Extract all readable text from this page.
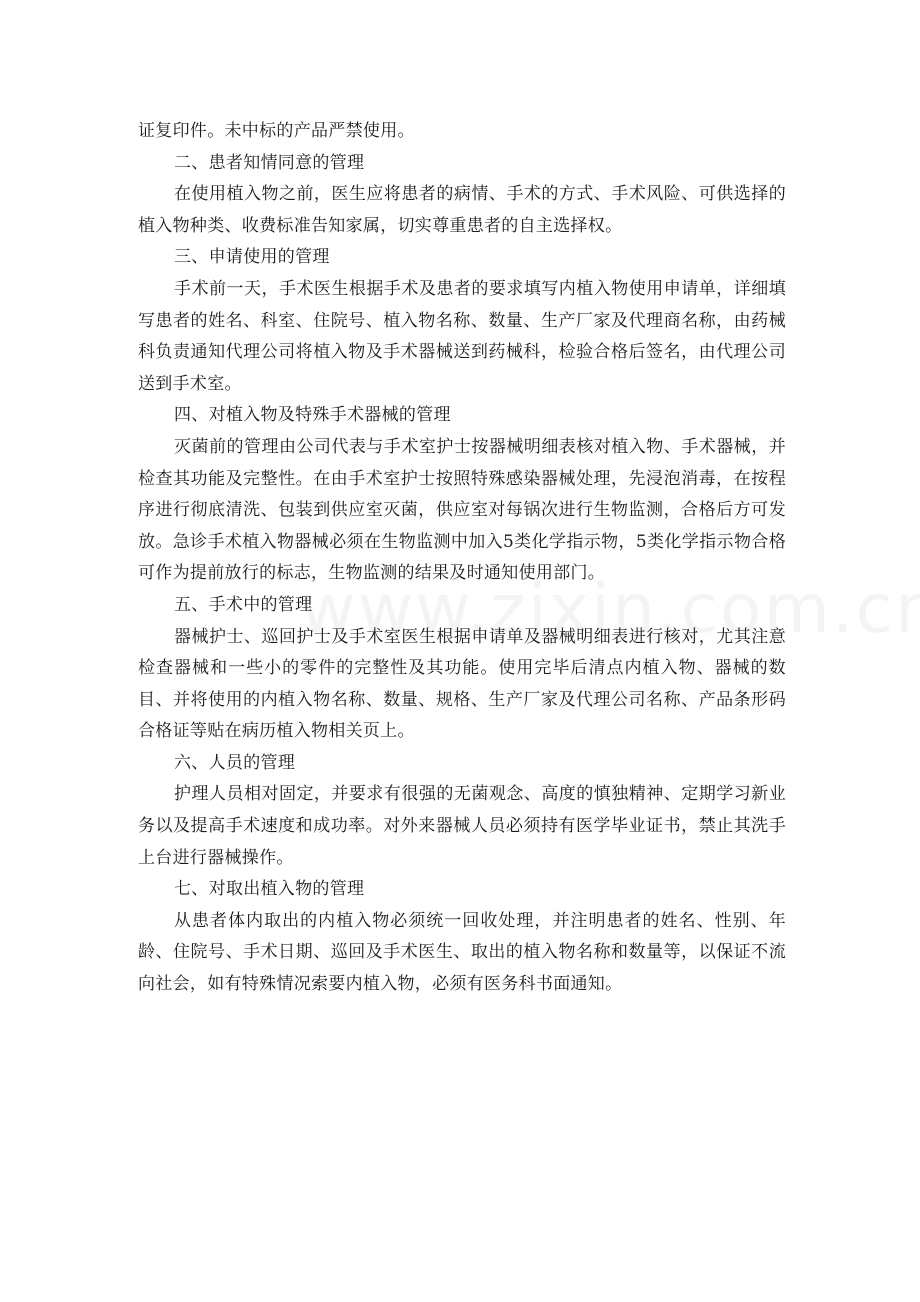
证复印件。未中标的产品严禁使用。

二、患者知情同意的管理

在使用植入物之前，医生应将患者的病情、手术的方式、手术风险、可供选择的植入物种类、收费标准告知家属，切实尊重患者的自主选择权。

三、申请使用的管理

手术前一天，手术医生根据手术及患者的要求填写内植入物使用申请单，详细填写患者的姓名、科室、住院号、植入物名称、数量、生产厂家及代理商名称，由药械科负责通知代理公司将植入物及手术器械送到药械科，检验合格后签名，由代理公司送到手术室。

四、对植入物及特殊手术器械的管理

灭菌前的管理由公司代表与手术室护士按器械明细表核对植入物、手术器械，并检查其功能及完整性。在由手术室护士按照特殊感染器械处理，先浸泡消毒，在按程序进行彻底清洗、包装到供应室灭菌，供应室对每锅次进行生物监测，合格后方可发放。急诊手术植入物器械必须在生物监测中加入5类化学指示物，5类化学指示物合格可作为提前放行的标志，生物监测的结果及时通知使用部门。

五、手术中的管理

器械护士、巡回护士及手术室医生根据申请单及器械明细表进行核对，尤其注意检查器械和一些小的零件的完整性及其功能。使用完毕后清点内植入物、器械的数目、并将使用的内植入物名称、数量、规格、生产厂家及代理公司名称、产品条形码合格证等贴在病历植入物相关页上。

六、人员的管理

护理人员相对固定，并要求有很强的无菌观念、高度的慎独精神、定期学习新业务以及提高手术速度和成功率。对外来器械人员必须持有医学毕业证书，禁止其洗手上台进行器械操作。

七、对取出植入物的管理

从患者体内取出的内植入物必须统一回收处理，并注明患者的姓名、性别、年龄、住院号、手术日期、巡回及手术医生、取出的植入物名称和数量等，以保证不流向社会，如有特殊情况索要内植入物，必须有医务科书面通知。
